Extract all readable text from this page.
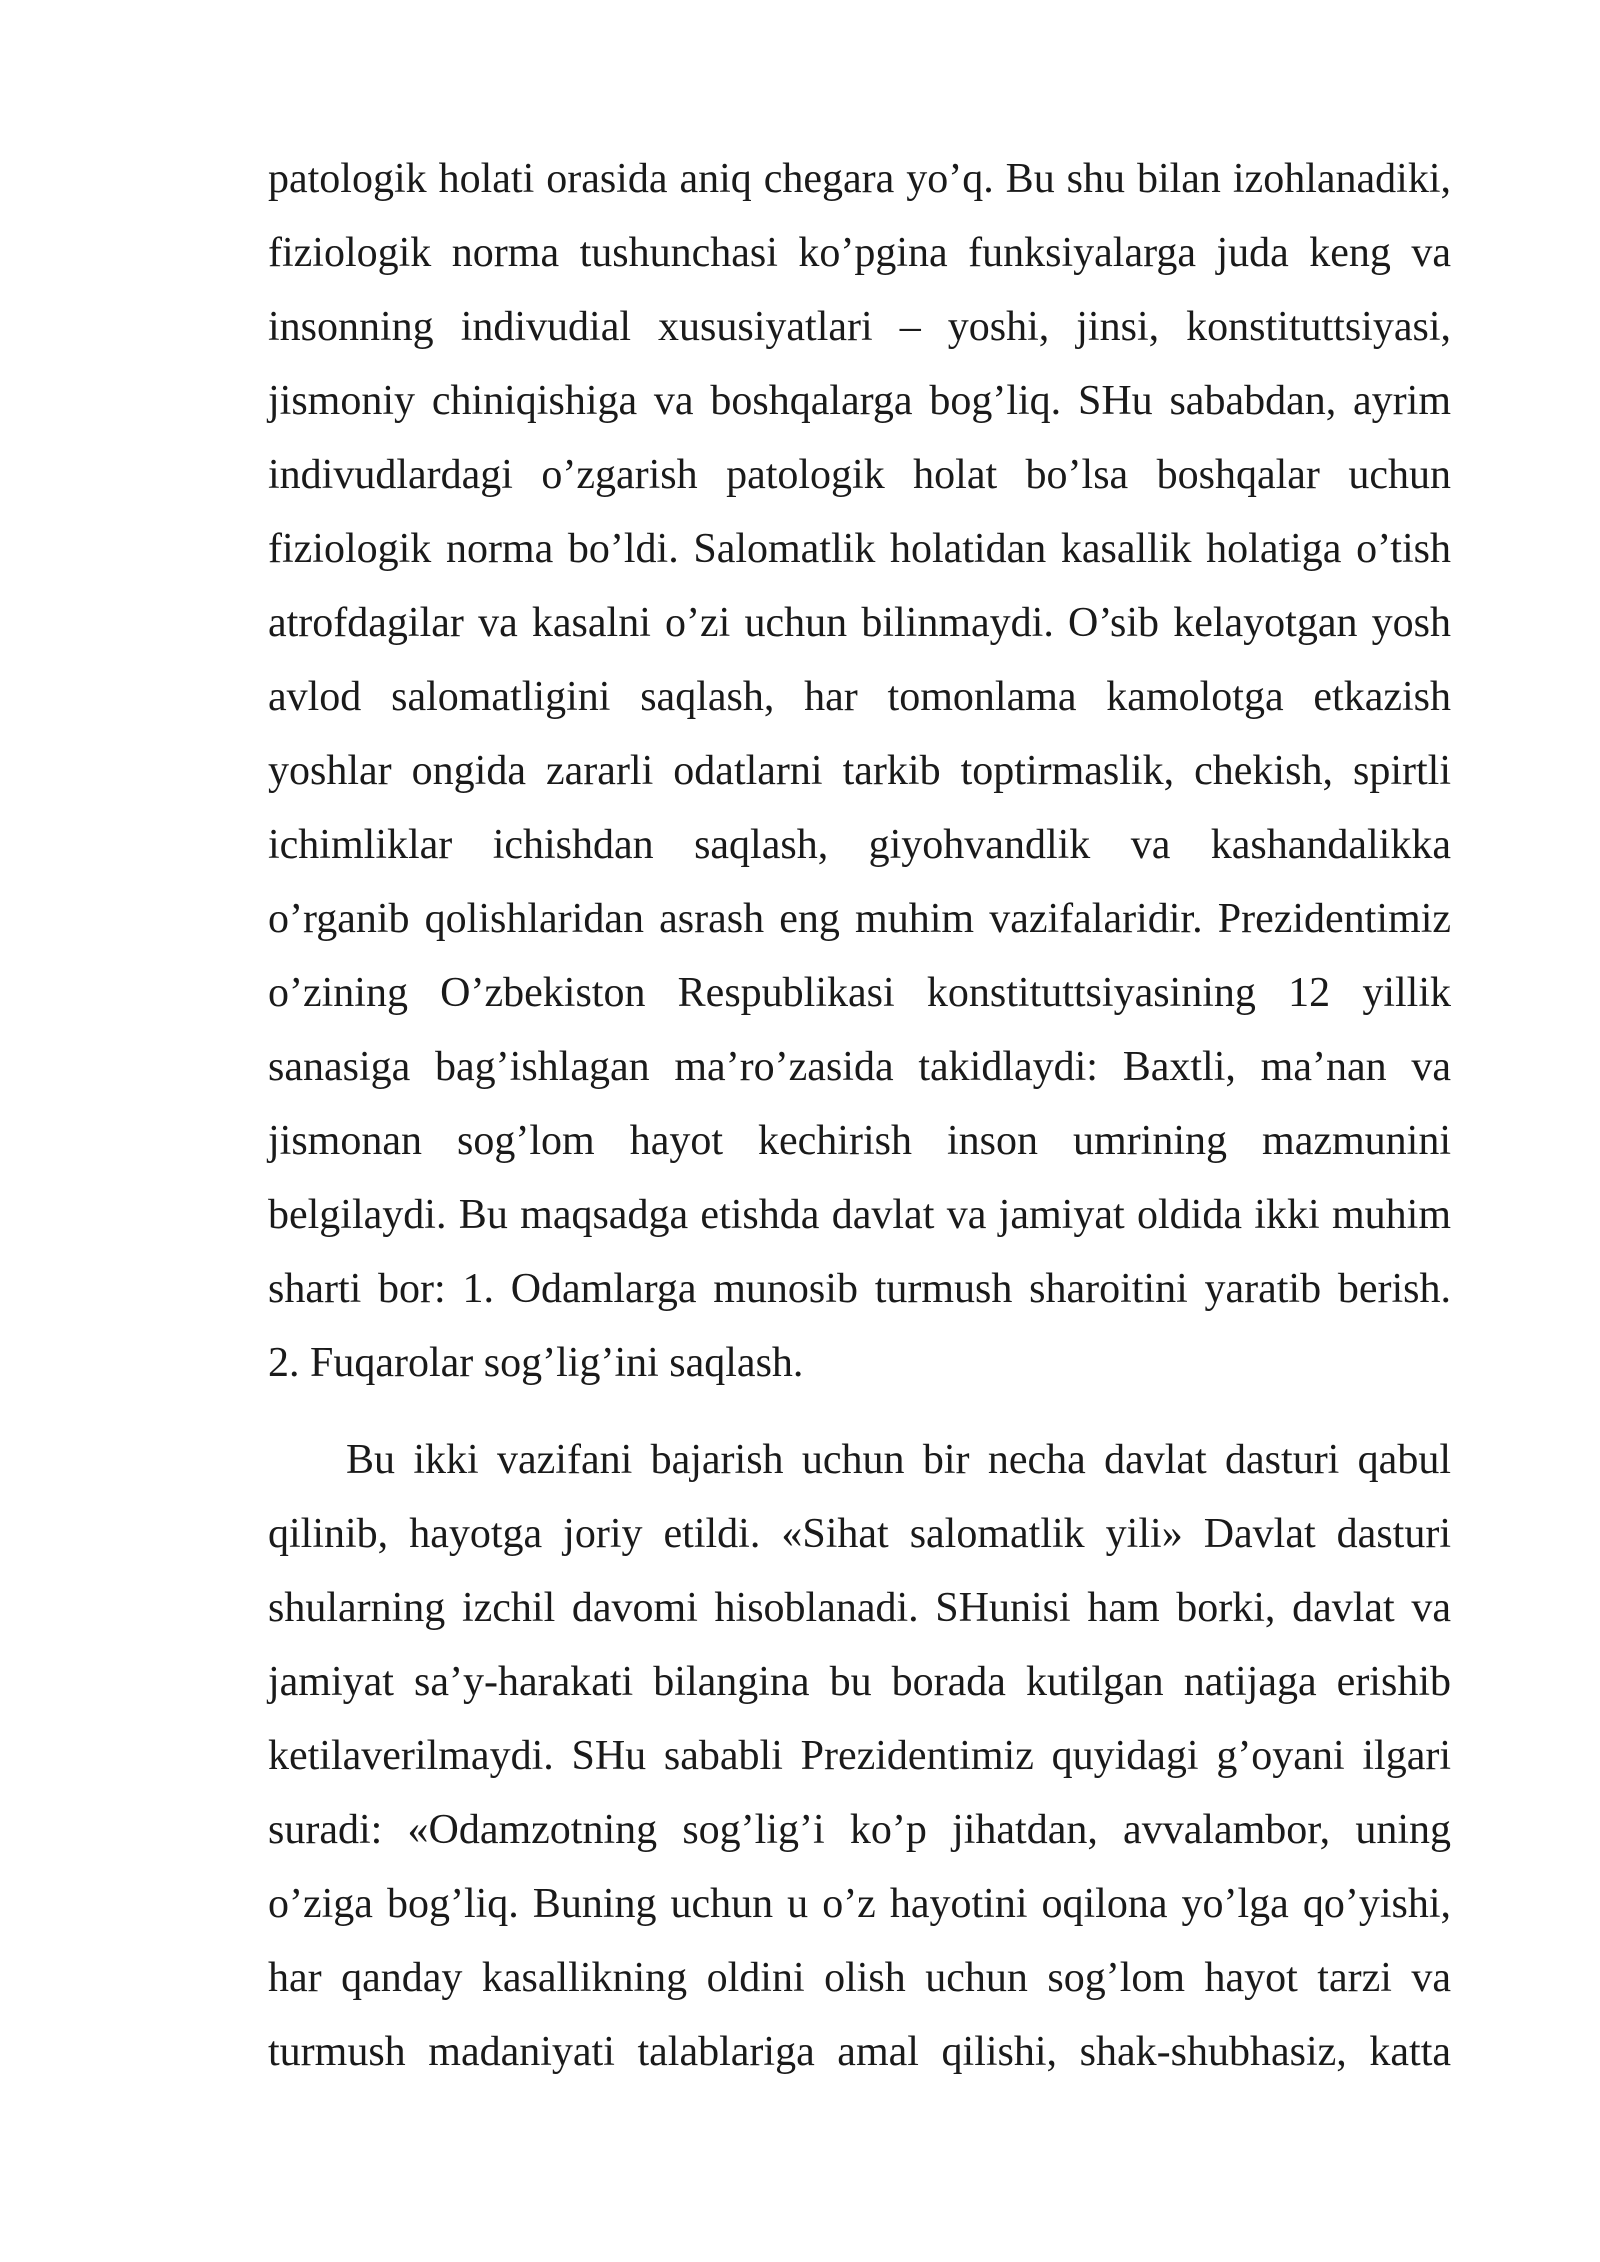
patologik holati orasida aniq chegara yo’q. Bu shu bilan izohlanadiki,
fiziologik norma tushunchasi ko’pgina funksiyalarga juda keng va
insonning indivudial xususiyatlari – yoshi, jinsi, konstituttsiyasi,
jismoniy chiniqishiga va boshqalarga bog’liq. SHu sababdan, ayrim
indivudlardagi o’zgarish patologik holat bo’lsa boshqalar uchun
fiziologik norma bo’ldi. Salomatlik holatidan kasallik holatiga o’tish
atrofdagilar va kasalni o’zi uchun bilinmaydi. O’sib kelayotgan yosh
avlod salomatligini saqlash, har tomonlama kamolotga etkazish
yoshlar ongida zararli odatlarni tarkib toptirmaslik, chekish, spirtli
ichimliklar ichishdan saqlash, giyohvandlik va kashandalikka
o’rganib qolishlaridan asrash eng muhim vazifalaridir. Prezidentimiz
o’zining O’zbekiston Respublikasi konstituttsiyasining 12 yillik
sanasiga bag’ishlagan ma’ro’zasida takidlaydi: Baxtli, ma’nan va
jismonan sog’lom hayot kechirish inson umrining mazmunini
belgilaydi. Bu maqsadga etishda davlat va jamiyat oldida ikki muhim
sharti bor: 1. Odamlarga munosib turmush sharoitini yaratib berish.
2. Fuqarolar sog’lig’ini saqlash.
Bu ikki vazifani bajarish uchun bir necha davlat dasturi qabul
qilinib, hayotga joriy etildi. «Sihat salomatlik yili» Davlat dasturi
shularning izchil davomi hisoblanadi. SHunisi ham borki, davlat va
jamiyat sa’y-harakati bilangina bu borada kutilgan natijaga erishib
ketilaverilmaydi. SHu sababli Prezidentimiz quyidagi g’oyani ilgari
suradi: «Odamzotning sog’lig’i ko’p jihatdan, avvalambor, uning
o’ziga bog’liq. Buning uchun u o’z hayotini oqilona yo’lga qo’yishi,
har qanday kasallikning oldini olish uchun sog’lom hayot tarzi va
turmush madaniyati talablariga amal qilishi, shak-shubhasiz, katta
